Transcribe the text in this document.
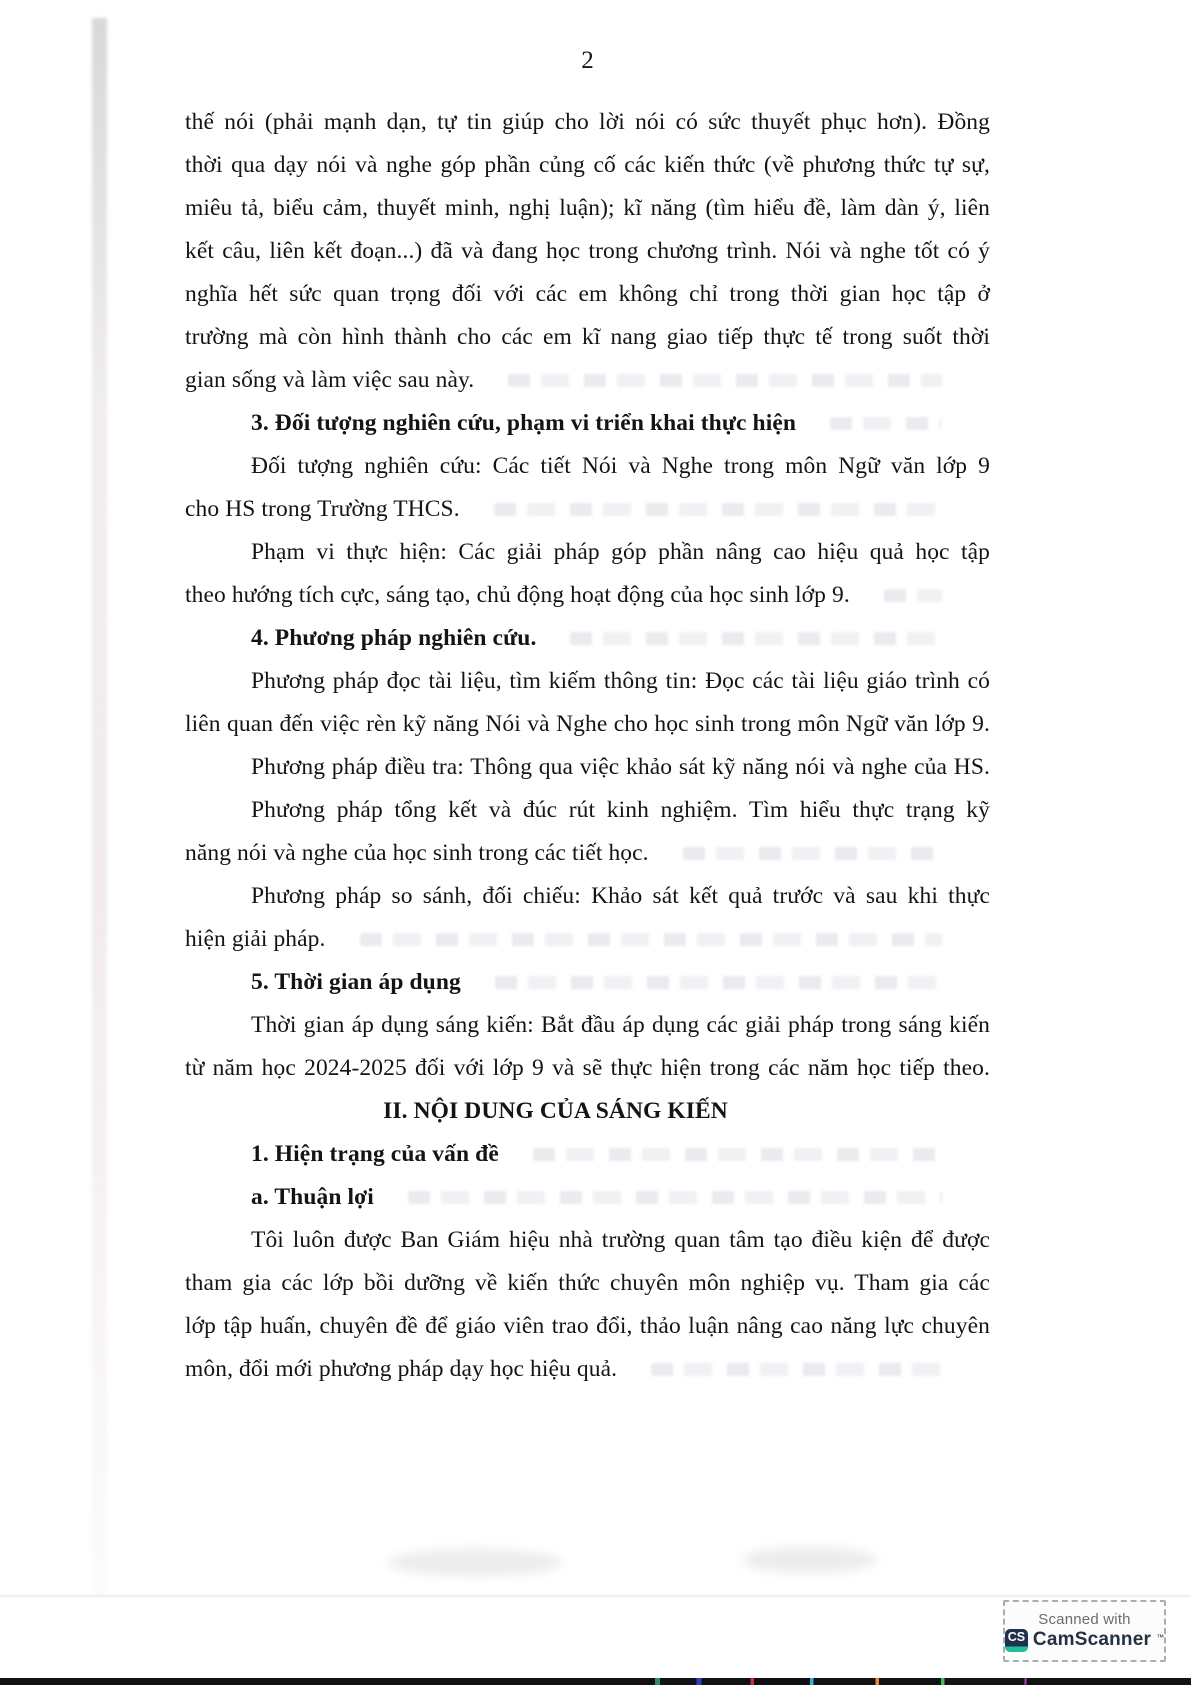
2
thế nói (phải mạnh dạn, tự tin giúp cho lời nói có sức thuyết phục hơn). Đồng
thời qua dạy nói và nghe góp phần củng cố các kiến thức (về phương thức tự sự,
miêu tả, biểu cảm, thuyết minh, nghị luận); kĩ năng (tìm hiểu đề, làm dàn ý, liên
kết câu, liên kết đoạn...) đã và đang học trong chương trình. Nói và nghe tốt có ý
nghĩa hết sức quan trọng đối với các em không chỉ trong thời gian học tập ở
trường mà còn hình thành cho các em kĩ nang giao tiếp thực tế trong suốt thời
gian sống và làm việc sau này.
3. Đối tượng nghiên cứu, phạm vi triển khai thực hiện
Đối tượng nghiên cứu: Các tiết Nói và Nghe trong môn Ngữ văn lớp 9
cho HS trong Trường THCS.
Phạm vi thực hiện: Các giải pháp góp phần nâng cao hiệu quả học tập
theo hướng tích cực, sáng tạo, chủ động hoạt động của học sinh lớp 9.
4. Phương pháp nghiên cứu.
Phương pháp đọc tài liệu, tìm kiếm thông tin: Đọc các tài liệu giáo trình có
liên quan đến việc rèn kỹ năng Nói và Nghe cho học sinh trong môn Ngữ văn lớp 9.
Phương pháp điều tra: Thông qua việc khảo sát kỹ năng nói và nghe của HS.
Phương pháp tổng kết và đúc rút kinh nghiệm. Tìm hiểu thực trạng kỹ
năng nói và nghe của học sinh trong các tiết học.
Phương pháp so sánh, đối chiếu: Khảo sát kết quả trước và sau khi thực
hiện giải pháp.
5. Thời gian áp dụng
Thời gian áp dụng sáng kiến: Bắt đầu áp dụng các giải pháp trong sáng kiến
từ năm học 2024-2025 đối với lớp 9 và sẽ thực hiện trong các năm học tiếp theo.
II. NỘI DUNG CỦA SÁNG KIẾN
1. Hiện trạng của vấn đề
a. Thuận lợi
Tôi luôn được Ban Giám hiệu nhà trường quan tâm tạo điều kiện để được
tham gia các lớp bồi dưỡng về kiến thức chuyên môn nghiệp vụ. Tham gia các
lớp tập huấn, chuyên đề để giáo viên trao đổi, thảo luận nâng cao năng lực chuyên
môn, đổi mới phương pháp dạy học hiệu quả.
Scanned with
CS CamScanner ™
